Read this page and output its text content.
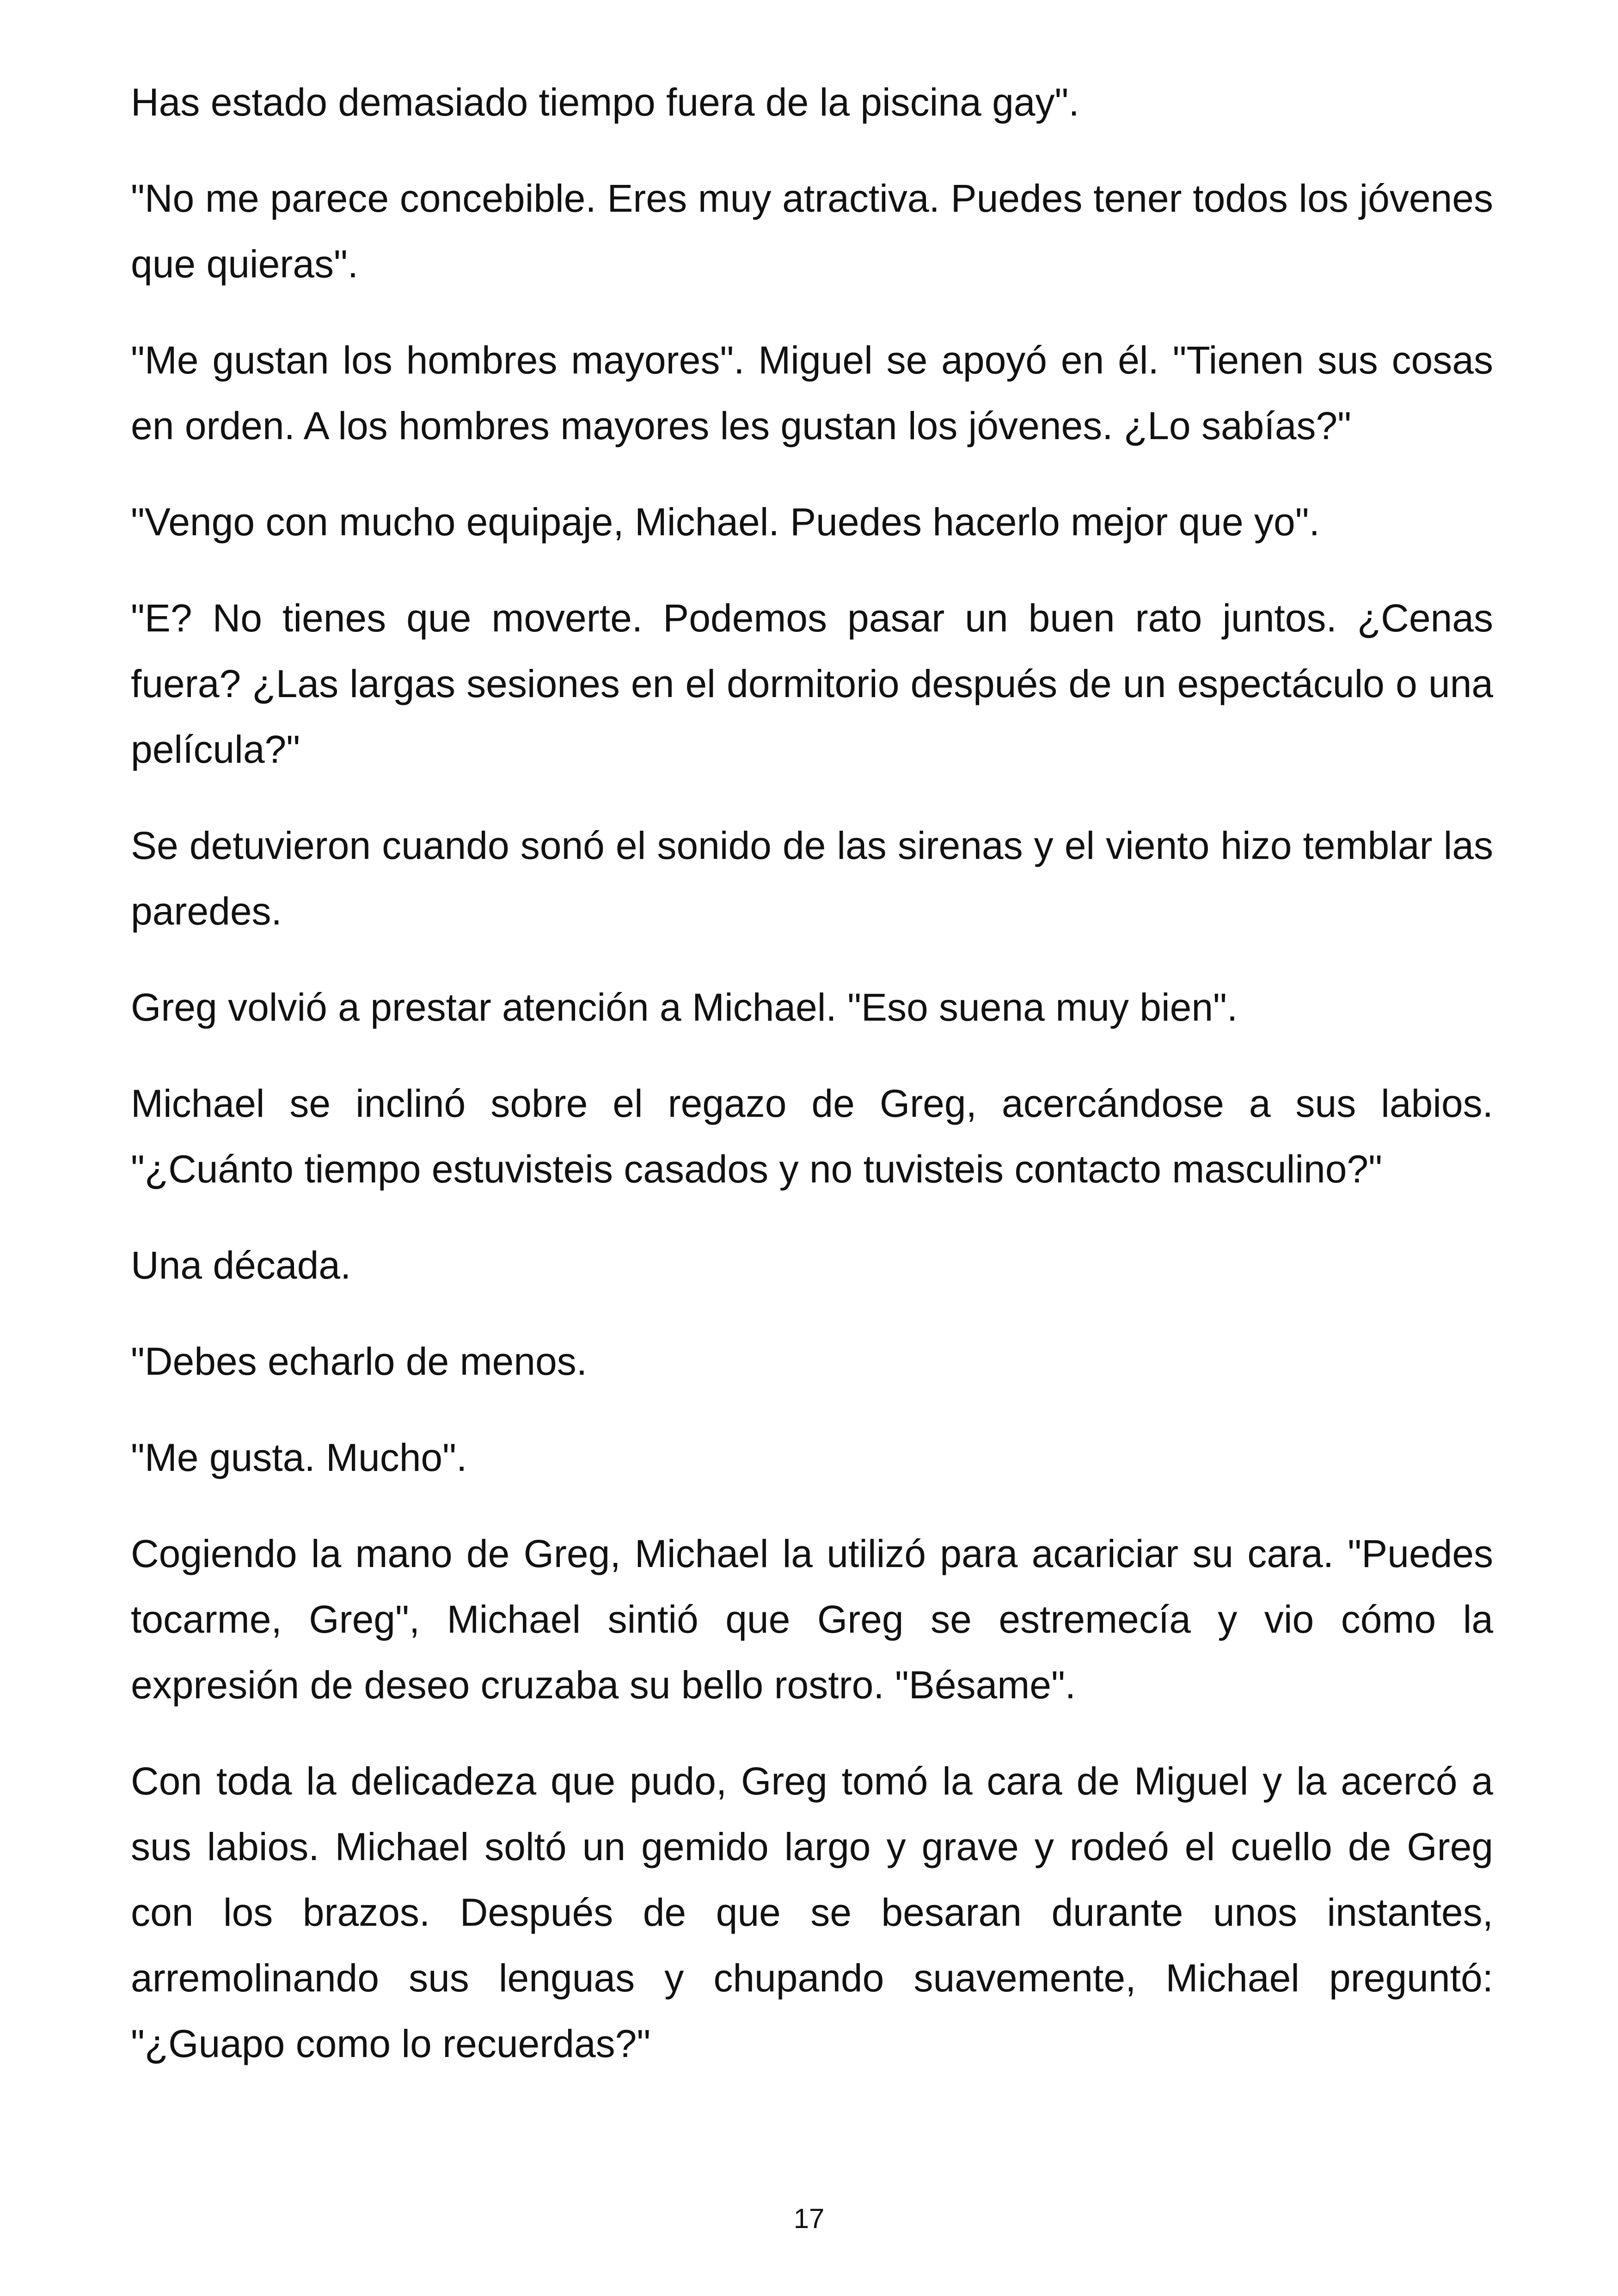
Has estado demasiado tiempo fuera de la piscina gay".

"No me parece concebible. Eres muy atractiva. Puedes tener todos los jóvenes que quieras".

"Me gustan los hombres mayores". Miguel se apoyó en él. "Tienen sus cosas en orden. A los hombres mayores les gustan los jóvenes. ¿Lo sabías?"

"Vengo con mucho equipaje, Michael. Puedes hacerlo mejor que yo".

"E? No tienes que moverte. Podemos pasar un buen rato juntos. ¿Cenas fuera? ¿Las largas sesiones en el dormitorio después de un espectáculo o una película?"

Se detuvieron cuando sonó el sonido de las sirenas y el viento hizo temblar las paredes.

Greg volvió a prestar atención a Michael. "Eso suena muy bien".

Michael se inclinó sobre el regazo de Greg, acercándose a sus labios. "¿Cuánto tiempo estuvisteis casados y no tuvisteis contacto masculino?"

Una década.

"Debes echarlo de menos.

"Me gusta. Mucho".

Cogiendo la mano de Greg, Michael la utilizó para acariciar su cara. "Puedes tocarme, Greg", Michael sintió que Greg se estremecía y vio cómo la expresión de deseo cruzaba su bello rostro. "Bésame".

Con toda la delicadeza que pudo, Greg tomó la cara de Miguel y la acercó a sus labios. Michael soltó un gemido largo y grave y rodeó el cuello de Greg con los brazos. Después de que se besaran durante unos instantes, arremolinando sus lenguas y chupando suavemente, Michael preguntó: "¿Guapo como lo recuerdas?"

17
